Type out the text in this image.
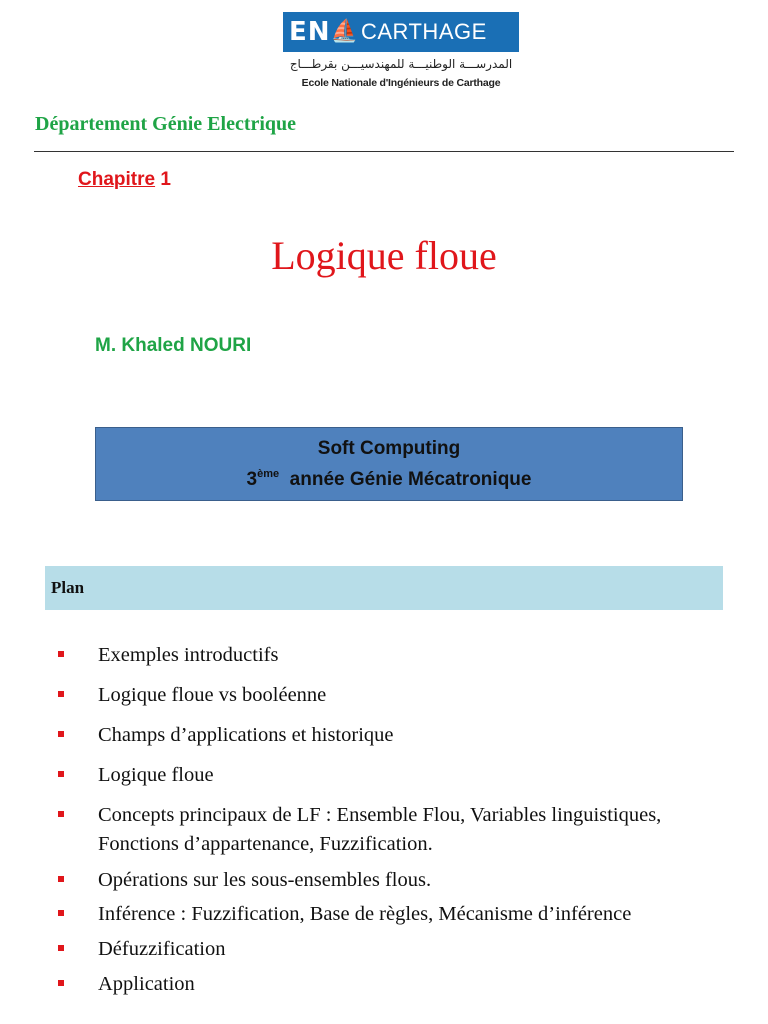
EN ⛵ CARTHAGE
المدرســـة الوطنيـــة للمهندسيـــن بقرطـــاج
Ecole Nationale d'Ingénieurs de Carthage
Département Génie Electrique
Chapitre 1
Logique floue
M. Khaled NOURI
Soft Computing
3ème  année Génie Mécatronique
Plan
Exemples introductifs
Logique floue vs booléenne
Champs d’applications et historique
Logique floue
Concepts principaux de LF : Ensemble Flou, Variables linguistiques, Fonctions d’appartenance, Fuzzification.
Opérations sur les sous-ensembles flous.
Inférence : Fuzzification, Base de règles, Mécanisme d’inférence
Défuzzification
Application
